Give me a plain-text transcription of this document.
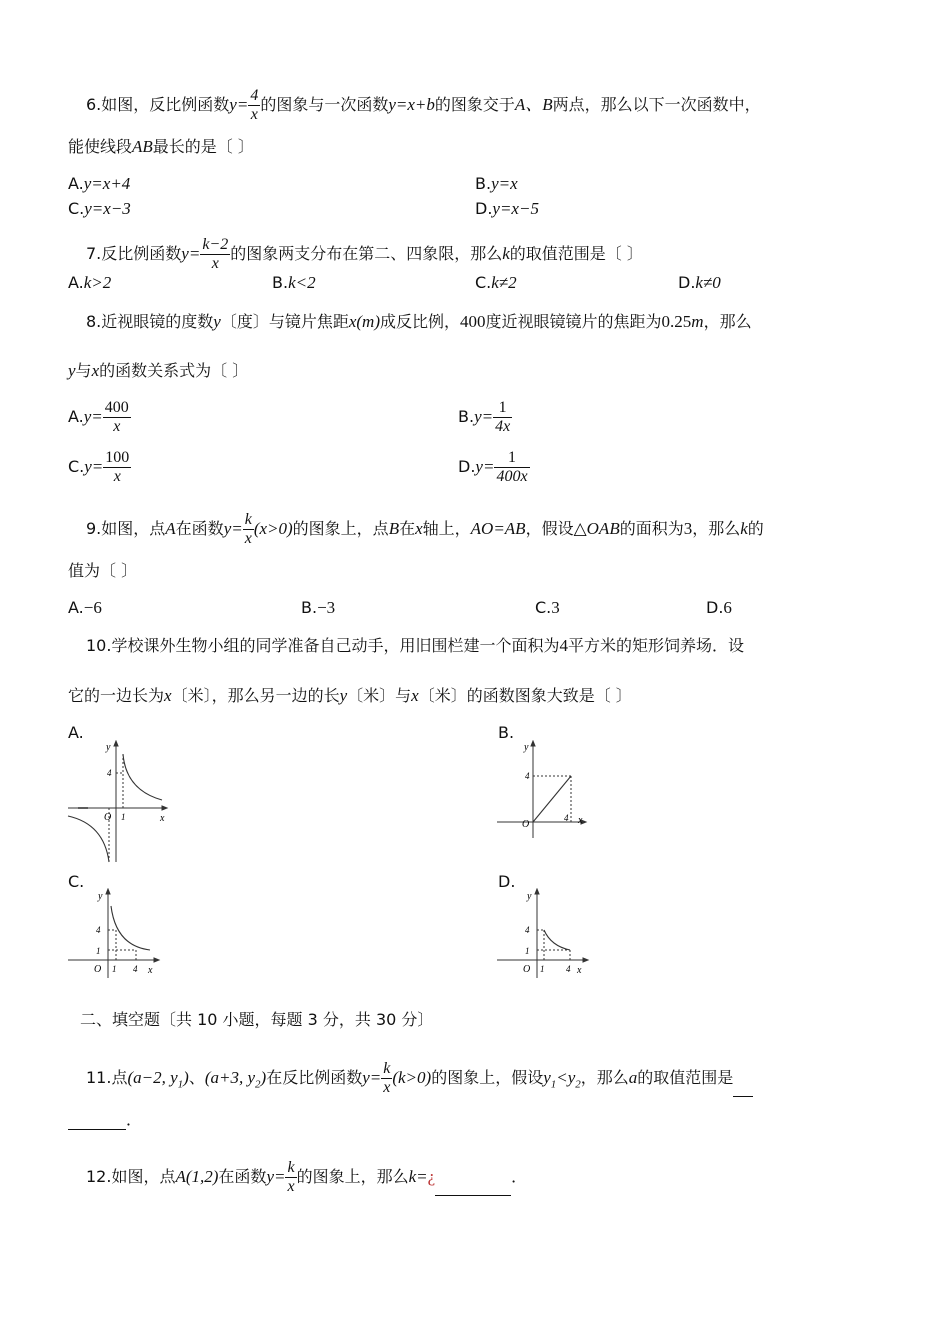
6.如图，反比例函数$y= \frac{4}{x}$ 的图象与一次函数y=x+b的图象交于A、B两点，那么以下一次函数中，
能使线段AB最长的是〔 〕
A.y=x+4	B.y=x
C.y=x−3	D.y=x−5
7.反比例函数$y= \frac{k-2}{x}$ 的图象两支分布在第二、四象限，那么k的取值范围是〔 〕
A.k>2	B.k<2	C.k≠2	D.k≠0
8.近视眼镜的度数y〔度〕与镜片焦距x(m)成反比例，400度近视眼镜镜片的焦距为0.25m，那么
y与x的函数关系式为〔 〕
$A.y= \frac{400}{x}$	$B.y= \frac{1}{4x}$
$C.y= \frac{100}{x}$	$D.y= \frac{1}{400x}$
9.如图，点A在函数$y= \frac{k}{x} (x>0)$的图象上，点B在x轴上，AO=AB，假设△OAB的面积为3，那么k的
值为〔 〕
A.−6	B.−3	C.3	D.6
10.学校课外生物小组的同学准备自己动手，用旧围栏建一个面积为4平方米的矩形饲养场．设
它的一边长为x〔米〕，那么另一边的长y〔米〕与x〔米〕的函数图象大致是〔 〕
A.	B.
C.	D.
y
x
O
4
1
y
x
O
4
4
y
x
O
4
1
1 4
y
x
O
4
1
1 4
二、填空题〔共 10 小题，每题 3 分，共 30 分〕
11.点(a−2, $y_1$)、(a+3, $y_2$)在反比例函数$y= \frac{k}{x} (k>0)$的图象上，假设$y_1<y_2$，那么a的取值范围是
．
12.如图，点A(1,2)在函数$y= \frac{k}{x}$ 的图象上，那么k=¿	．
